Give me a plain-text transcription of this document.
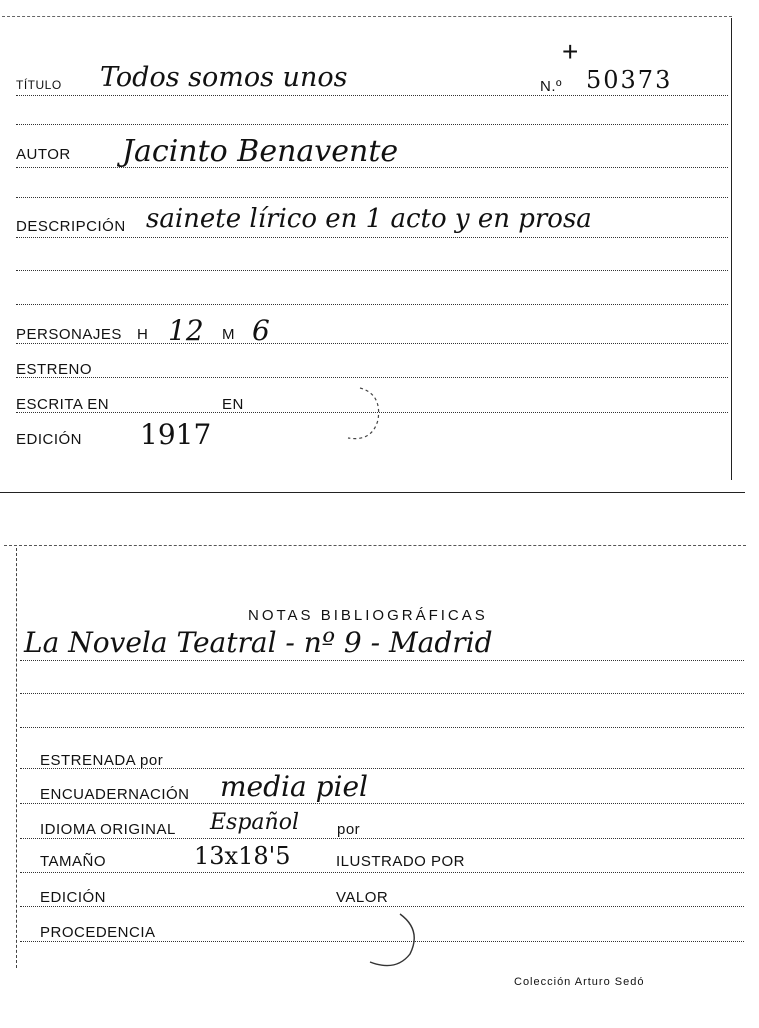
TÍTULO Todos somos unos	N.º 50373
+
AUTOR Jacinto Benavente
DESCRIPCIÓN sainete lírico en 1 acto y en prosa
PERSONAJES H 12 M 6
ESTRENO
ESCRITA EN	EN
EDICIÓN 1917
NOTAS BIBLIOGRÁFICAS
La Novela Teatral - nº 9 - Madrid
ESTRENADA por
ENCUADERNACIÓN media piel
IDIOMA ORIGINAL Español	por
TAMAÑO	13x18'5	ILUSTRADO POR
EDICIÓN	VALOR
PROCEDENCIA
Colección Arturo Sedó
